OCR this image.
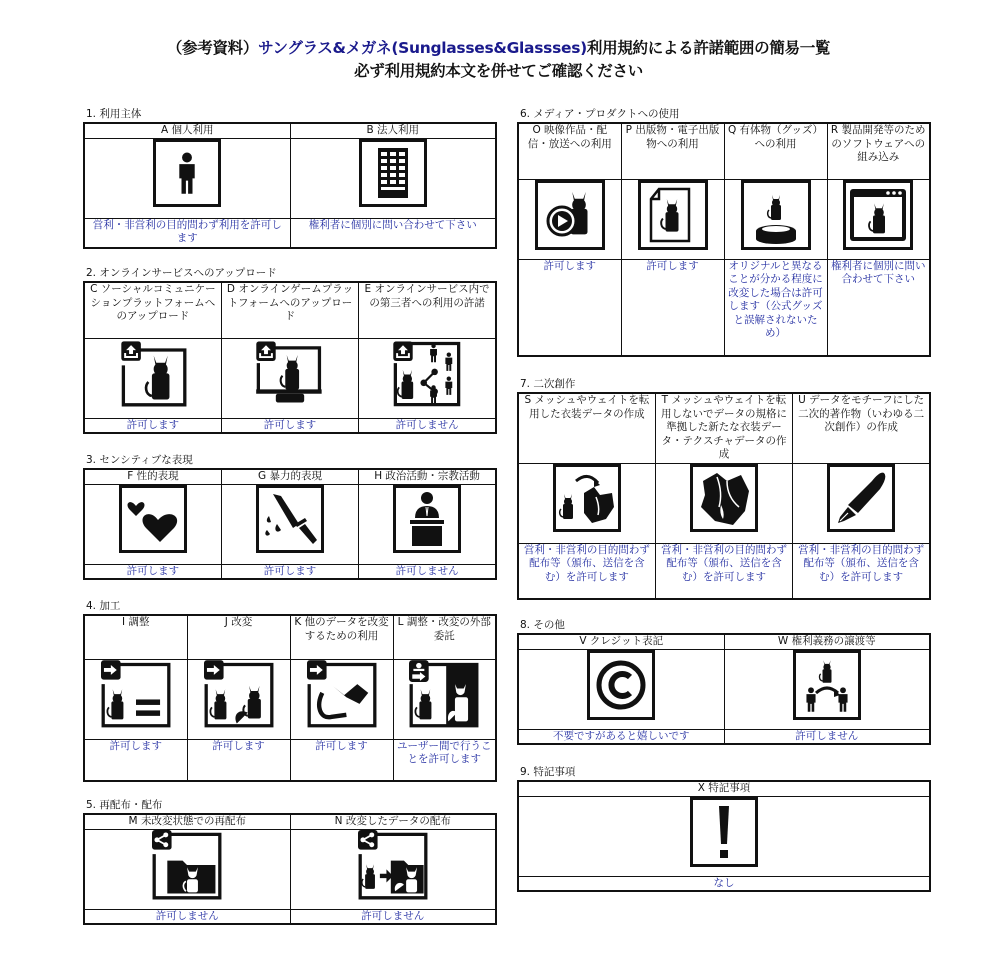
（参考資料）サングラス&メガネ(Sunglasses&Glassses)利用規約による許諾範囲の簡易一覧
必ず利用規約本文を併せてご確認ください
1. 利用主体
A 個人利用	B 法人利用

営利・非営利の目的問わず利用を許可します	権利者に個別に問い合わせて下さい
2. オンラインサービスへのアップロード
C ソーシャルコミュニケーションプラットフォームへのアップロード	D オンラインゲームプラットフォームへのアップロード	E オンラインサービス内での第三者への利用の許諾

許可します	許可します	許可しません
3. センシティブな表現
F 性的表現	G 暴力的表現	H 政治活動・宗教活動

許可します	許可します	許可しません
4. 加工
I 調整	J 改変	K 他のデータを改変するための利用	L 調整・改変の外部委託

許可します	許可します	許可します	ユーザー間で行うことを許可します
5. 再配布・配布
M 未改変状態での再配布	N 改変したデータの配布

許可しません	許可しません
6. メディア・プロダクトへの使用
O 映像作品・配信・放送への利用	P 出版物・電子出版物への利用	Q 有体物（グッズ）への利用	R 製品開発等のためのソフトウェアへの組み込み

許可します	許可します	オリジナルと異なることが分かる程度に改変した場合は許可します（公式グッズと誤解されないため）	権利者に個別に問い合わせて下さい
7. 二次創作
S メッシュやウェイトを転用した衣装データの作成	T メッシュやウェイトを転用しないでデータの規格に準拠した新たな衣装データ・テクスチャデータの作成	U データをモチーフにした二次的著作物（いわゆる二次創作）の作成

営利・非営利の目的問わず配布等（頒布、送信を含む）を許可します	営利・非営利の目的問わず配布等（頒布、送信を含む）を許可します	営利・非営利の目的問わず配布等（頒布、送信を含む）を許可します
8. その他
V クレジット表記	W 権利義務の譲渡等

不要ですがあると嬉しいです	許可しません
9. 特記事項
X 特記事項

なし
